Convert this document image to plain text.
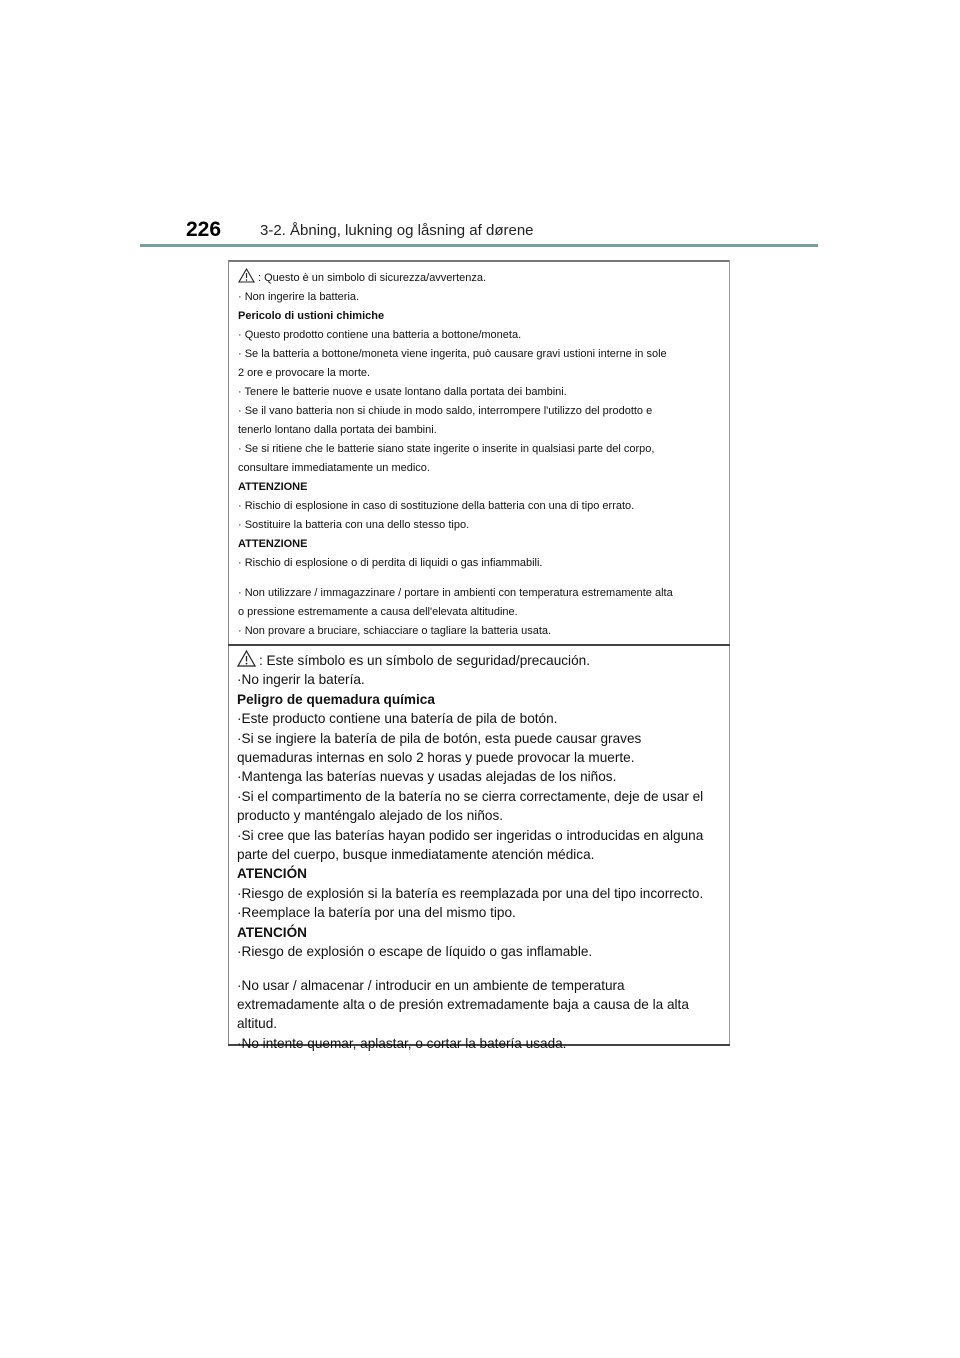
226	3-2. Åbning, lukning og låsning af dørene
: Questo è un simbolo di sicurezza/avvertenza.
· Non ingerire la batteria.
Pericolo di ustioni chimiche
· Questo prodotto contiene una batteria a bottone/moneta.
· Se la batteria a bottone/moneta viene ingerita, può causare gravi ustioni interne in sole
2 ore e provocare la morte.
· Tenere le batterie nuove e usate lontano dalla portata dei bambini.
· Se il vano batteria non si chiude in modo saldo, interrompere l'utilizzo del prodotto e
tenerlo lontano dalla portata dei bambini.
· Se si ritiene che le batterie siano state ingerite o inserite in qualsiasi parte del corpo,
consultare immediatamente un medico.
ATTENZIONE
· Rischio di esplosione in caso di sostituzione della batteria con una di tipo errato.
· Sostituire la batteria con una dello stesso tipo.
ATTENZIONE
· Rischio di esplosione o di perdita di liquidi o gas infiammabili.
· Non utilizzare / immagazzinare / portare in ambienti con temperatura estremamente alta
o pressione estremamente a causa dell'elevata altitudine.
· Non provare a bruciare, schiacciare o tagliare la batteria usata.
: Este símbolo es un símbolo de seguridad/precaución.
·No ingerir la batería.
Peligro de quemadura química
·Este producto contiene una batería de pila de botón.
·Si se ingiere la batería de pila de botón, esta puede causar graves
quemaduras internas en solo 2 horas y puede provocar la muerte.
·Mantenga las baterías nuevas y usadas alejadas de los niños.
·Si el compartimento de la batería no se cierra correctamente, deje de usar el
producto y manténgalo alejado de los niños.
·Si cree que las baterías hayan podido ser ingeridas o introducidas en alguna
parte del cuerpo, busque inmediatamente atención médica.
ATENCIÓN
·Riesgo de explosión si la batería es reemplazada por una del tipo incorrecto.
·Reemplace la batería por una del mismo tipo.
ATENCIÓN
·Riesgo de explosión o escape de líquido o gas inflamable.
·No usar / almacenar / introducir en un ambiente de temperatura
extremadamente alta o de presión extremadamente baja a causa de la alta
altitud.
·No intente quemar, aplastar, o cortar la batería usada.
